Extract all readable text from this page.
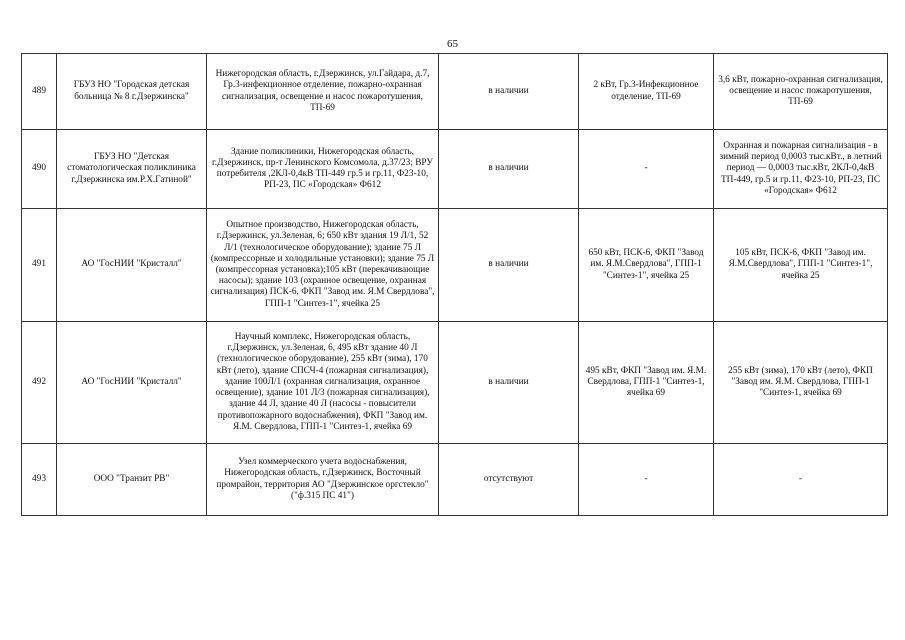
65
489	ГБУЗ НО "Городская детская больница № 8 г.Дзержинска"	Нижегородская область, г.Дзержинск, ул.Гайдара, д.7, Гр.3-инфекционное отделение, пожарно-охранная сигнализация, освещение и насос пожаротушения, ТП-69	в наличии	2 кВт, Гр.3-Инфекционное отделение, ТП-69	3,6 кВт, пожарно-охранная сигнализация, освещение и насос пожаротушения, ТП-69
490	ГБУЗ НО "Детская стоматологическая поликлиника г.Дзержинска им.Р.Х.Гатиной"	Здание поликлиники, Нижегородская область, г.Дзержинск, пр-т Ленинского Комсомола, д.37/23; ВРУ потребителя ,2КЛ-0,4кВ ТП-449 гр.5 и гр.11, Ф23-10, РП-23, ПС «Городская» Ф612	в наличии	-	Охранная и пожарная сигнализация - в зимний период 0,0003 тыс.кВт., в летний период — 0,0003 тыс.кВт, 2КЛ-0,4кВ ТП-449, гр.5 и гр.11, Ф23-10, РП-23, ПС «Городская» Ф612
491	АО "ГосНИИ "Кристалл"	Опытное производство, Нижегородская область, г.Дзержинск, ул.Зеленая, 6; 650 кВт здания 19 Л/1, 52 Л/1 (технологическое оборудование); здание 75 Л (компрессорные и холодильные установки); здание 75 Л (компрессорная установка);105 кВт (перекачивающие насосы); здание 103 (охранное освещение, охранная сигнализация) ПСК-6, ФКП "Завод им. Я.М Свердлова", ГПП-1 "Синтез-1", ячейка 25	в наличии	650 кВт, ПСК-6, ФКП "Завод им. Я.М.Свердлова", ГПП-1 "Синтез-1", ячейка 25	105 кВт, ПСК-6, ФКП "Завод им. Я.М.Свердлова", ГПП-1 "Синтез-1", ячейка 25
492	АО "ГосНИИ "Кристалл"	Научный комплекс, Нижегородская область, г.Дзержинск, ул.Зеленая, 6, 495 кВт здание 40 Л (технологическое оборудование), 255 кВт (зима), 170 кВт (лето), здание СПСЧ-4 (пожарная сигнализация), здание 100Л/1 (охранная сигнализация, охранное освещение), здание 101 Л/3 (пожарная сигнализация), здание 44 Л, здание 40 Л (насосы - повысители противопожарного водоснабжения), ФКП "Завод им. Я.М. Свердлова, ГПП-1 "Синтез-1, ячейка 69	в наличии	495 кВт, ФКП "Завод им. Я.М. Свердлова, ГПП-1 "Синтез-1, ячейка 69	255 кВт (зима), 170 кВт (лето), ФКП "Завод им. Я.М. Свердлова, ГПП-1 "Синтез-1, ячейка 69
493	ООО "Транзит РВ"	Узел коммерческого учета водоснабжения, Нижегородская область, г.Дзержинск, Восточный промрайон, территория АО "Дзержинское оргстекло" ("ф.315 ПС 41")	отсутствуют	-	-
